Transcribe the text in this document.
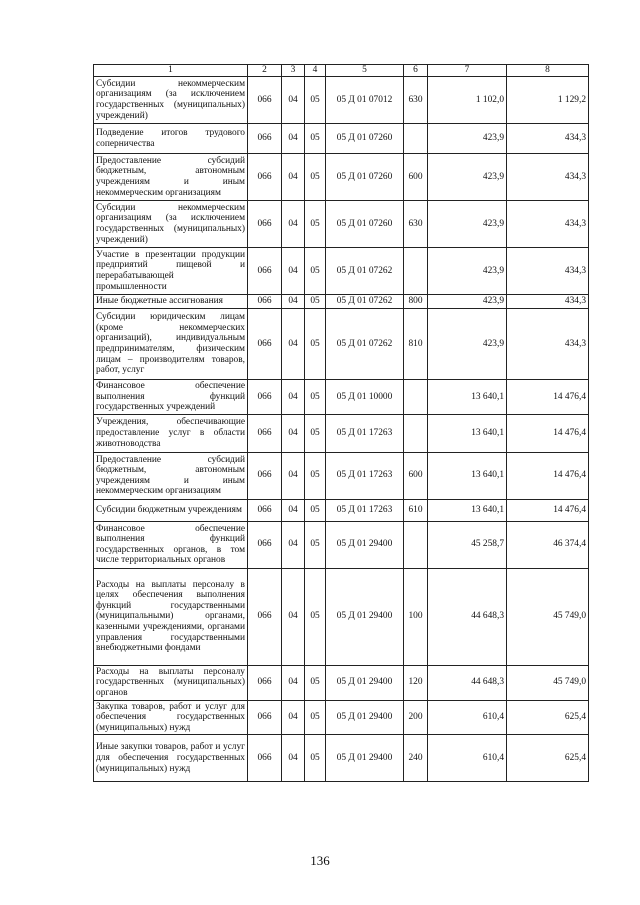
1	2	3	4	5	6	7	8
Субсидии некоммерческим организациям (за исключением государственных (муниципальных) учреждений)	066	04	05	05 Д 01 07012	630	1 102,0	1 129,2
Подведение итогов трудового соперничества	066	04	05	05 Д 01 07260		423,9	434,3
Предоставление субсидий бюджетным, автономным учреждениям и иным некоммерческим организациям	066	04	05	05 Д 01 07260	600	423,9	434,3
Субсидии некоммерческим организациям (за исключением государственных (муниципальных) учреждений)	066	04	05	05 Д 01 07260	630	423,9	434,3
Участие в презентации продукции предприятий пищевой и перерабатывающей промышленности	066	04	05	05 Д 01 07262		423,9	434,3
Иные бюджетные ассигнования	066	04	05	05 Д 01 07262	800	423,9	434,3
Субсидии юридическим лицам (кроме некоммерческих организаций), индивидуальным предпринимателям, физическим лицам – производителям товаров, работ, услуг	066	04	05	05 Д 01 07262	810	423,9	434,3
Финансовое обеспечение выполнения функций государственных учреждений	066	04	05	05 Д 01 10000		13 640,1	14 476,4
Учреждения, обеспечивающие предоставление услуг в области животноводства	066	04	05	05 Д 01 17263		13 640,1	14 476,4
Предоставление субсидий бюджетным, автономным учреждениям и иным некоммерческим организациям	066	04	05	05 Д 01 17263	600	13 640,1	14 476,4
Субсидии бюджетным учреждениям	066	04	05	05 Д 01 17263	610	13 640,1	14 476,4
Финансовое обеспечение выполнения функций государственных органов, в том числе территориальных органов	066	04	05	05 Д 01 29400		45 258,7	46 374,4
Расходы на выплаты персоналу в целях обеспечения выполнения функций государственными (муниципальными) органами, казенными учреждениями, органами управления государственными внебюджетными фондами	066	04	05	05 Д 01 29400	100	44 648,3	45 749,0
Расходы на выплаты персоналу государственных (муниципальных) органов	066	04	05	05 Д 01 29400	120	44 648,3	45 749,0
Закупка товаров, работ и услуг для обеспечения государственных (муниципальных) нужд	066	04	05	05 Д 01 29400	200	610,4	625,4
Иные закупки товаров, работ и услуг для обеспечения государственных (муниципальных) нужд	066	04	05	05 Д 01 29400	240	610,4	625,4
136
